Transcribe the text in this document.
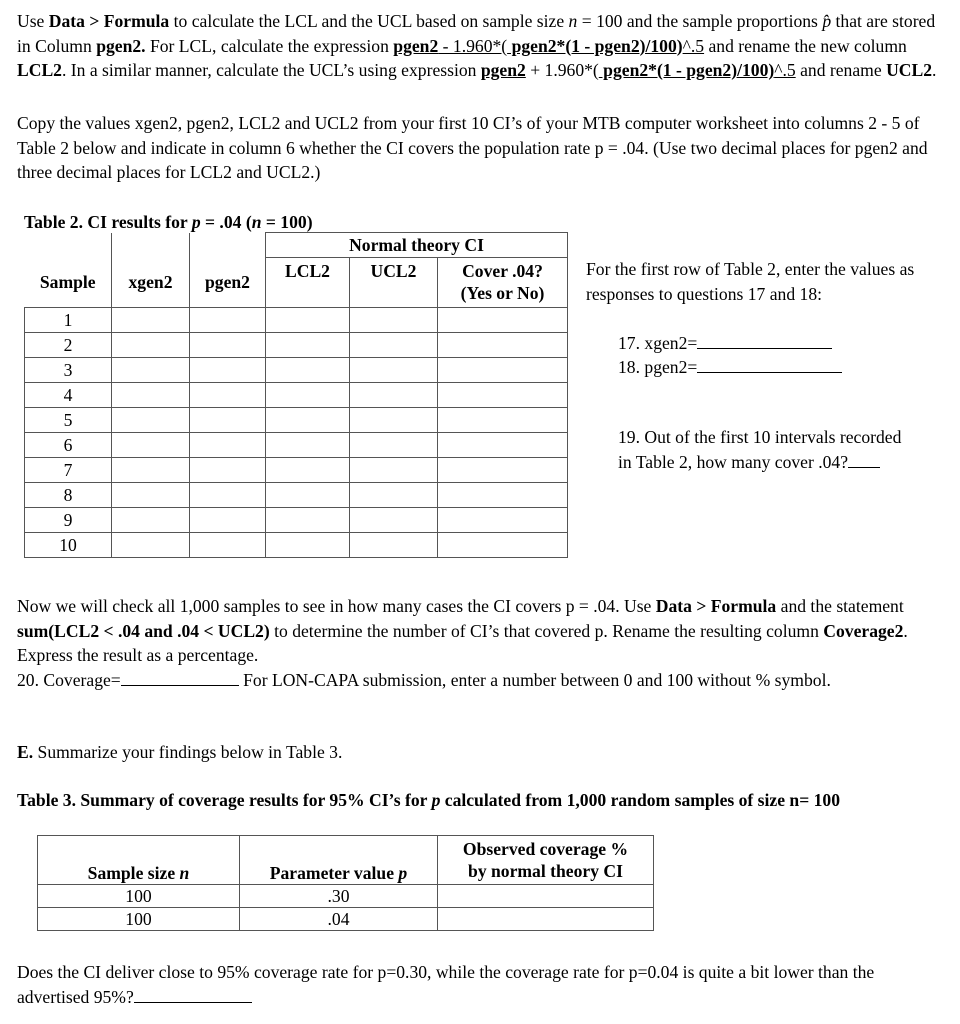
Use Data > Formula to calculate the LCL and the UCL based on sample size n = 100 and the sample proportions p̂ that are stored in Column pgen2. For LCL, calculate the expression pgen2 - 1.960*( pgen2*(1 - pgen2)/100)^.5 and rename the new column LCL2. In a similar manner, calculate the UCL’s using expression pgen2 + 1.960*( pgen2*(1 - pgen2)/100)^.5 and rename UCL2.
Copy the values xgen2, pgen2, LCL2 and UCL2 from your first 10 CI’s of your MTB computer worksheet into columns 2 - 5 of Table 2 below and indicate in column 6 whether the CI covers the population rate p = .04. (Use two decimal places for pgen2 and three decimal places for LCL2 and UCL2.)
Table 2. CI results for p = .04 (n = 100)
Sample	xgen2	pgen2	Normal theory CI		

			LCL2	UCL2	Cover .04?
(Yes or No)

1					
2					
3					
4					
5					
6					
7					
8					
9					
10					
For the first row of Table 2, enter the values as responses to questions 17 and 18:
17. xgen2=
18. pgen2=
19. Out of the first 10 intervals recorded in Table 2, how many cover .04?
Now we will check all 1,000 samples to see in how many cases the CI covers p = .04. Use Data > Formula and the statement sum(LCL2 < .04 and .04 < UCL2) to determine the number of CI’s that covered p. Rename the resulting column Coverage2. Express the result as a percentage.
20. Coverage=	For LON-CAPA submission, enter a number between 0 and 100 without % symbol.
E. Summarize your findings below in Table 3.
Table 3. Summary of coverage results for 95% CI’s for p calculated from 1,000 random samples of size n= 100
Sample size n	Parameter value p	Observed coverage %
by normal theory CI

100	.30	
100	.04	
Does the CI deliver close to 95% coverage rate for p=0.30, while the coverage rate for p=0.04 is quite a bit lower than the advertised 95%?
